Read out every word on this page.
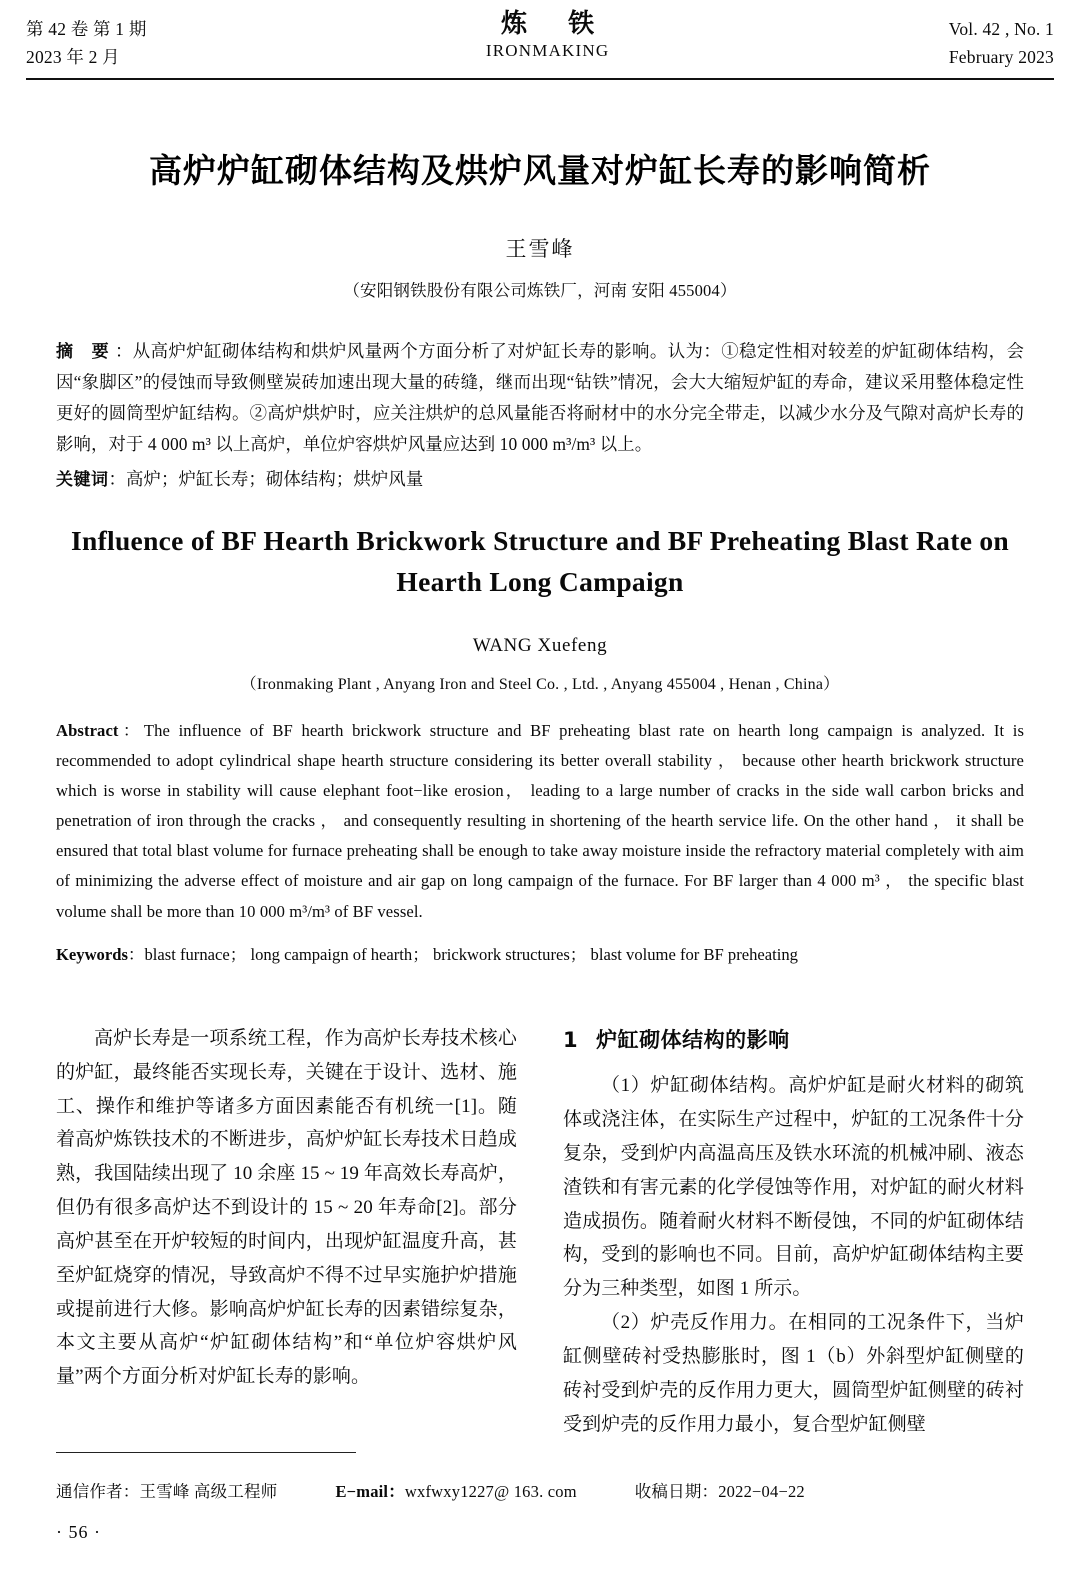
第 42 卷 第 1 期
2023 年 2 月
炼 铁
IRONMAKING
Vol. 42 , No. 1
February 2023
高炉炉缸砌体结构及烘炉风量对炉缸长寿的影响简析
王雪峰
（安阳钢铁股份有限公司炼铁厂，河南 安阳 455004）
摘 要：从高炉炉缸砌体结构和烘炉风量两个方面分析了对炉缸长寿的影响。认为：①稳定性相对较差的炉缸砌体结构，会因“象脚区”的侵蚀而导致侧壁炭砖加速出现大量的砖缝，继而出现“钻铁”情况，会大大缩短炉缸的寿命，建议采用整体稳定性更好的圆筒型炉缸结构。②高炉烘炉时，应关注烘炉的总风量能否将耐材中的水分完全带走，以减少水分及气隙对高炉长寿的影响，对于 4 000 m³ 以上高炉，单位炉容烘炉风量应达到 10 000 m³/m³ 以上。
关键词：高炉；炉缸长寿；砌体结构；烘炉风量
Influence of BF Hearth Brickwork Structure and BF Preheating Blast Rate on Hearth Long Campaign
WANG Xuefeng
（Ironmaking Plant , Anyang Iron and Steel Co. , Ltd. , Anyang 455004 , Henan , China）
Abstract：The influence of BF hearth brickwork structure and BF preheating blast rate on hearth long campaign is analyzed. It is recommended to adopt cylindrical shape hearth structure considering its better overall stability ， because other hearth brickwork structure which is worse in stability will cause elephant foot−like erosion， leading to a large number of cracks in the side wall carbon bricks and penetration of iron through the cracks ， and consequently resulting in shortening of the hearth service life. On the other hand ， it shall be ensured that total blast volume for furnace preheating shall be enough to take away moisture inside the refractory material completely with aim of minimizing the adverse effect of moisture and air gap on long campaign of the furnace. For BF larger than 4 000 m³ ， the specific blast volume shall be more than 10 000 m³/m³ of BF vessel.
Keywords：blast furnace； long campaign of hearth； brickwork structures； blast volume for BF preheating

高炉长寿是一项系统工程，作为高炉长寿技术核心的炉缸，最终能否实现长寿，关键在于设计、选材、施工、操作和维护等诸多方面因素能否有机统一[1]。随着高炉炼铁技术的不断进步，高炉炉缸长寿技术日趋成熟，我国陆续出现了 10 余座 15 ~ 19 年高效长寿高炉，但仍有很多高炉达不到设计的 15 ~ 20 年寿命[2]。部分高炉甚至在开炉较短的时间内，出现炉缸温度升高，甚至炉缸烧穿的情况，导致高炉不得不过早实施护炉措施或提前进行大修。影响高炉炉缸长寿的因素错综复杂，本文主要从高炉“炉缸砌体结构”和“单位炉容烘炉风量”两个方面分析对炉缸长寿的影响。

1 炉缸砌体结构的影响

（1）炉缸砌体结构。高炉炉缸是耐火材料的砌筑体或浇注体，在实际生产过程中，炉缸的工况条件十分复杂，受到炉内高温高压及铁水环流的机械冲刷、液态渣铁和有害元素的化学侵蚀等作用，对炉缸的耐火材料造成损伤。随着耐火材料不断侵蚀，不同的炉缸砌体结构，受到的影响也不同。目前，高炉炉缸砌体结构主要分为三种类型，如图 1 所示。

（2）炉壳反作用力。在相同的工况条件下，当炉缸侧壁砖衬受热膨胀时，图 1（b）外斜型炉缸侧壁的砖衬受到炉壳的反作用力更大，圆筒型炉缸侧壁的砖衬受到炉壳的反作用力最小，复合型炉缸侧壁

通信作者：王雪峰 高级工程师	E−mail：wxfwxy1227@ 163. com	收稿日期：2022−04−22
· 56 ·
